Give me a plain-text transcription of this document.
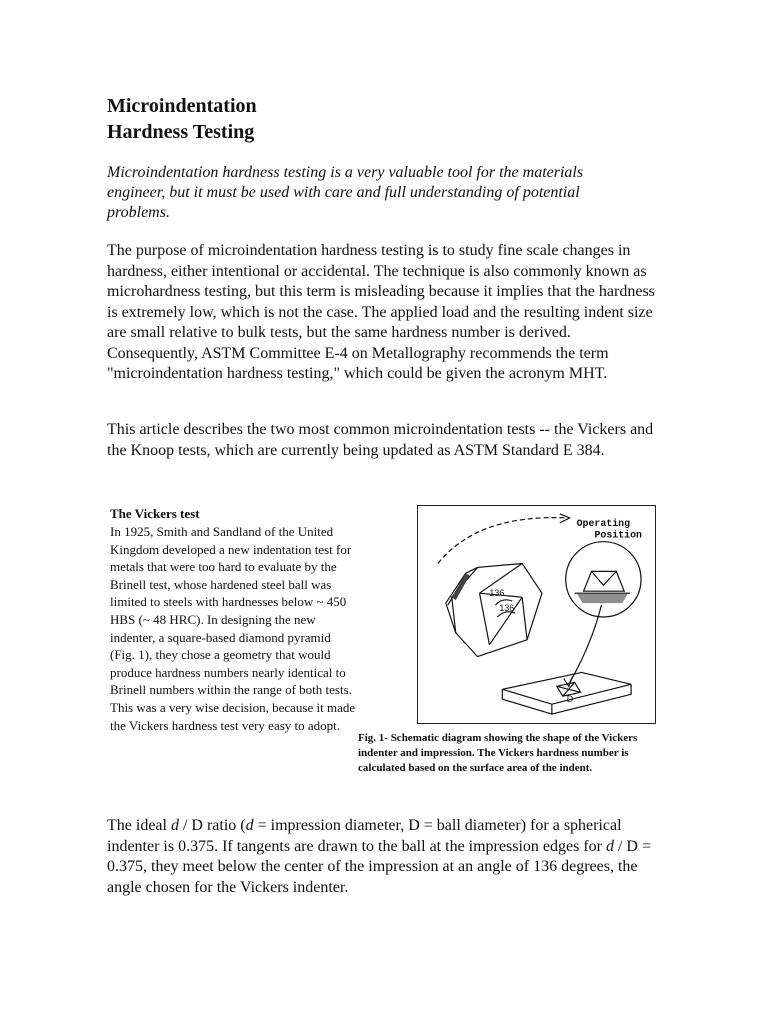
Microindentation
Hardness Testing

Microindentation hardness testing is a very valuable tool for the materials engineer, but it must be used with care and full understanding of potential problems.

The purpose of microindentation hardness testing is to study fine scale changes in hardness, either intentional or accidental. The technique is also commonly known as microhardness testing, but this term is misleading because it implies that the hardness is extremely low, which is not the case. The applied load and the resulting indent size are small relative to bulk tests, but the same hardness number is derived. Consequently, ASTM Committee E-4 on Metallography recommends the term "microindentation hardness testing," which could be given the acronym MHT.

This article describes the two most common microindentation tests -- the Vickers and the Knoop tests, which are currently being updated as ASTM Standard E 384.

The Vickers test

In 1925, Smith and Sandland of the United Kingdom developed a new indentation test for metals that were too hard to evaluate by the Brinell test, whose hardened steel ball was limited to steels with hardnesses below ~ 450 HBS (~ 48 HRC). In designing the new indenter, a square-based diamond pyramid (Fig. 1), they chose a geometry that would produce hardness numbers nearly identical to Brinell numbers within the range of both tests. This was a very wise decision, because it made the Vickers hardness test very easy to adopt.

Operating
Position
136
136
D

Fig. 1- Schematic diagram showing the shape of the Vickers indenter and impression. The Vickers hardness number is calculated based on the surface area of the indent.

The ideal d / D ratio (d = impression diameter, D = ball diameter) for a spherical indenter is 0.375. If tangents are drawn to the ball at the impression edges for d / D = 0.375, they meet below the center of the impression at an angle of 136 degrees, the angle chosen for the Vickers indenter.
